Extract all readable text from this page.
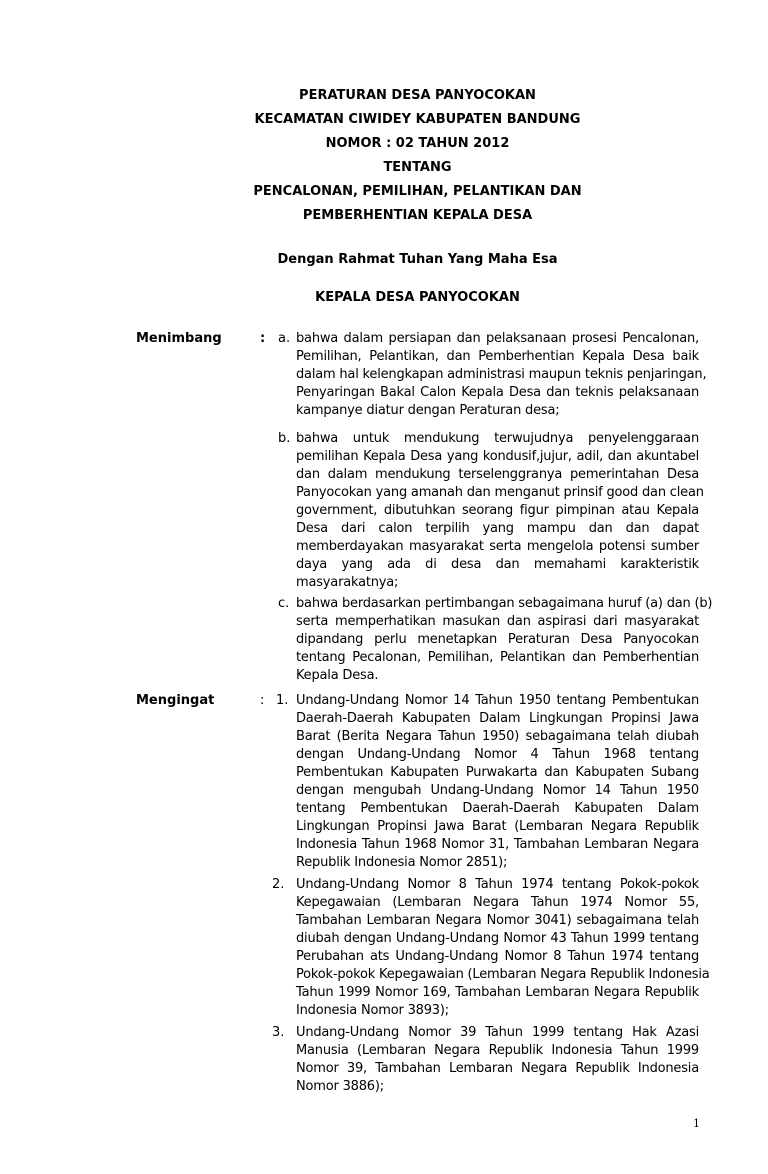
PERATURAN DESA PANYOCOKAN
KECAMATAN CIWIDEY KABUPATEN BANDUNG
NOMOR : 02 TAHUN 2012
TENTANG
PENCALONAN, PEMILIHAN, PELANTIKAN DAN
PEMBERHENTIAN KEPALA DESA
Dengan Rahmat Tuhan Yang Maha Esa
KEPALA DESA PANYOCOKAN
Menimbang	: a. bahwa dalam persiapan dan pelaksanaan prosesi Pencalonan,
Pemilihan, Pelantikan, dan Pemberhentian Kepala Desa baik
dalam hal kelengkapan administrasi maupun teknis penjaringan,
Penyaringan Bakal Calon Kepala Desa dan teknis pelaksanaan
kampanye diatur dengan Peraturan desa;
b. bahwa untuk mendukung terwujudnya penyelenggaraan
pemilihan Kepala Desa yang kondusif,jujur, adil, dan akuntabel
dan dalam mendukung terselenggranya pemerintahan Desa
Panyocokan yang amanah dan menganut prinsif good dan clean
government, dibutuhkan seorang figur pimpinan atau Kepala
Desa dari calon terpilih yang mampu dan dan dapat
memberdayakan masyarakat serta mengelola potensi sumber
daya yang ada di desa dan memahami karakteristik
masyarakatnya;
c. bahwa berdasarkan pertimbangan sebagaimana huruf (a) dan (b)
serta memperhatikan masukan dan aspirasi dari masyarakat
dipandang perlu menetapkan Peraturan Desa Panyocokan
tentang Pecalonan, Pemilihan, Pelantikan dan Pemberhentian
Kepala Desa.
Mengingat	: 1. Undang-Undang Nomor 14 Tahun 1950 tentang Pembentukan
Daerah-Daerah Kabupaten Dalam Lingkungan Propinsi Jawa
Barat (Berita Negara Tahun 1950) sebagaimana telah diubah
dengan Undang-Undang Nomor 4 Tahun 1968 tentang
Pembentukan Kabupaten Purwakarta dan Kabupaten Subang
dengan mengubah Undang-Undang Nomor 14 Tahun 1950
tentang Pembentukan Daerah-Daerah Kabupaten Dalam
Lingkungan Propinsi Jawa Barat (Lembaran Negara Republik
Indonesia Tahun 1968 Nomor 31, Tambahan Lembaran Negara
Republik Indonesia Nomor 2851);
2. Undang-Undang Nomor 8 Tahun 1974 tentang Pokok-pokok
Kepegawaian (Lembaran Negara Tahun 1974 Nomor 55,
Tambahan Lembaran Negara Nomor 3041) sebagaimana telah
diubah dengan Undang-Undang Nomor 43 Tahun 1999 tentang
Perubahan ats Undang-Undang Nomor 8 Tahun 1974 tentang
Pokok-pokok Kepegawaian (Lembaran Negara Republik Indonesia
Tahun 1999 Nomor 169, Tambahan Lembaran Negara Republik
Indonesia Nomor 3893);
3. Undang-Undang Nomor 39 Tahun 1999 tentang Hak Azasi
Manusia (Lembaran Negara Republik Indonesia Tahun 1999
Nomor 39, Tambahan Lembaran Negara Republik Indonesia
Nomor 3886);
1
